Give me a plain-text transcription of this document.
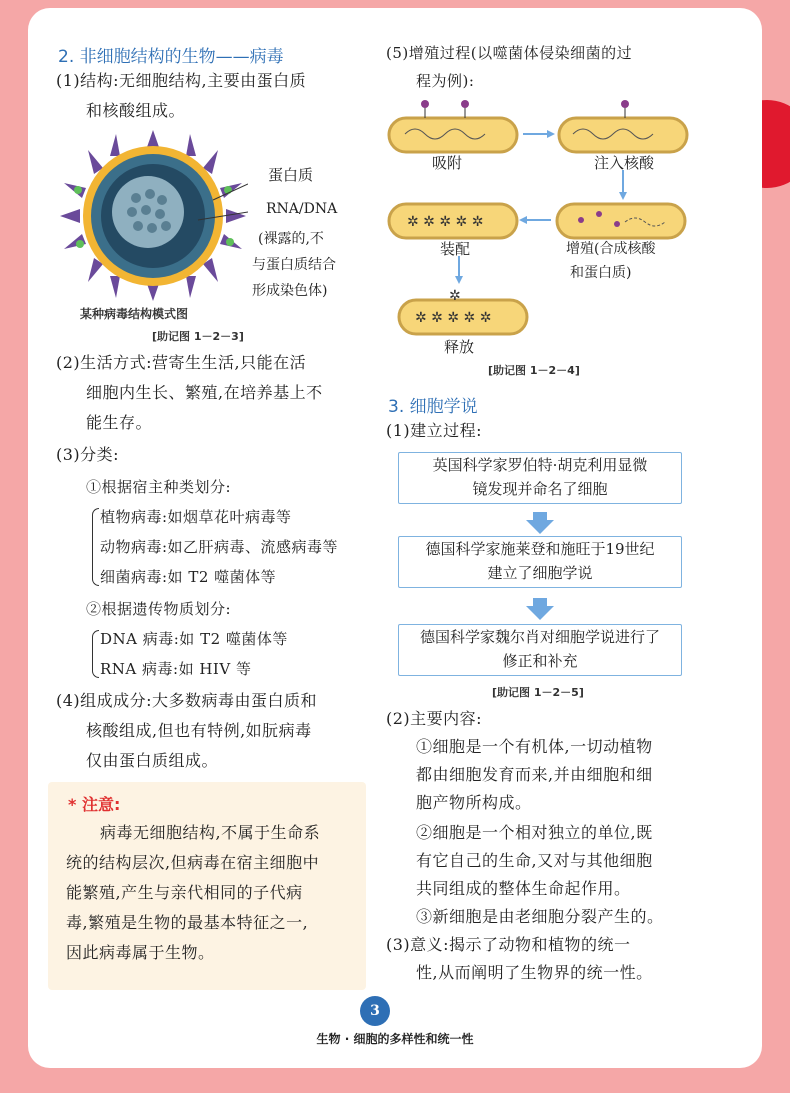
2. 非细胞结构的生物——病毒
(1)结构:无细胞结构,主要由蛋白质
和核酸组成。
蛋白质
RNA/DNA
(裸露的,不
与蛋白质结合
形成染色体)
某种病毒结构模式图
[助记图 1－2－3]
(2)生活方式:营寄生生活,只能在活
细胞内生长、繁殖,在培养基上不
能生存。
(3)分类:
①根据宿主种类划分:
植物病毒:如烟草花叶病毒等
动物病毒:如乙肝病毒、流感病毒等
细菌病毒:如 T2 噬菌体等
②根据遗传物质划分:
DNA 病毒:如 T2 噬菌体等
RNA 病毒:如 HIV 等
(4)组成成分:大多数病毒由蛋白质和
核酸组成,但也有特例,如朊病毒
仅由蛋白质组成。
* 注意:
病毒无细胞结构,不属于生命系
统的结构层次,但病毒在宿主细胞中
能繁殖,产生与亲代相同的子代病
毒,繁殖是生物的最基本特征之一,
因此病毒属于生物。
(5)增殖过程(以噬菌体侵染细菌的过
程为例):
✲ ✲ ✲ ✲ ✲
✲ ✲ ✲ ✲ ✲
✲
吸附	注入核酸
装配	增殖(合成核酸
和蛋白质)
释放
[助记图 1－2－4]
3. 细胞学说
(1)建立过程:
英国科学家罗伯特·胡克利用显微
镜发现并命名了细胞
德国科学家施莱登和施旺于19世纪
建立了细胞学说
德国科学家魏尔肖对细胞学说进行了
修正和补充
[助记图 1－2－5]
(2)主要内容:
①细胞是一个有机体,一切动植物
都由细胞发育而来,并由细胞和细
胞产物所构成。
②细胞是一个相对独立的单位,既
有它自己的生命,又对与其他细胞
共同组成的整体生命起作用。
③新细胞是由老细胞分裂产生的。
(3)意义:揭示了动物和植物的统一
性,从而阐明了生物界的统一性。
3
生物 · 细胞的多样性和统一性
